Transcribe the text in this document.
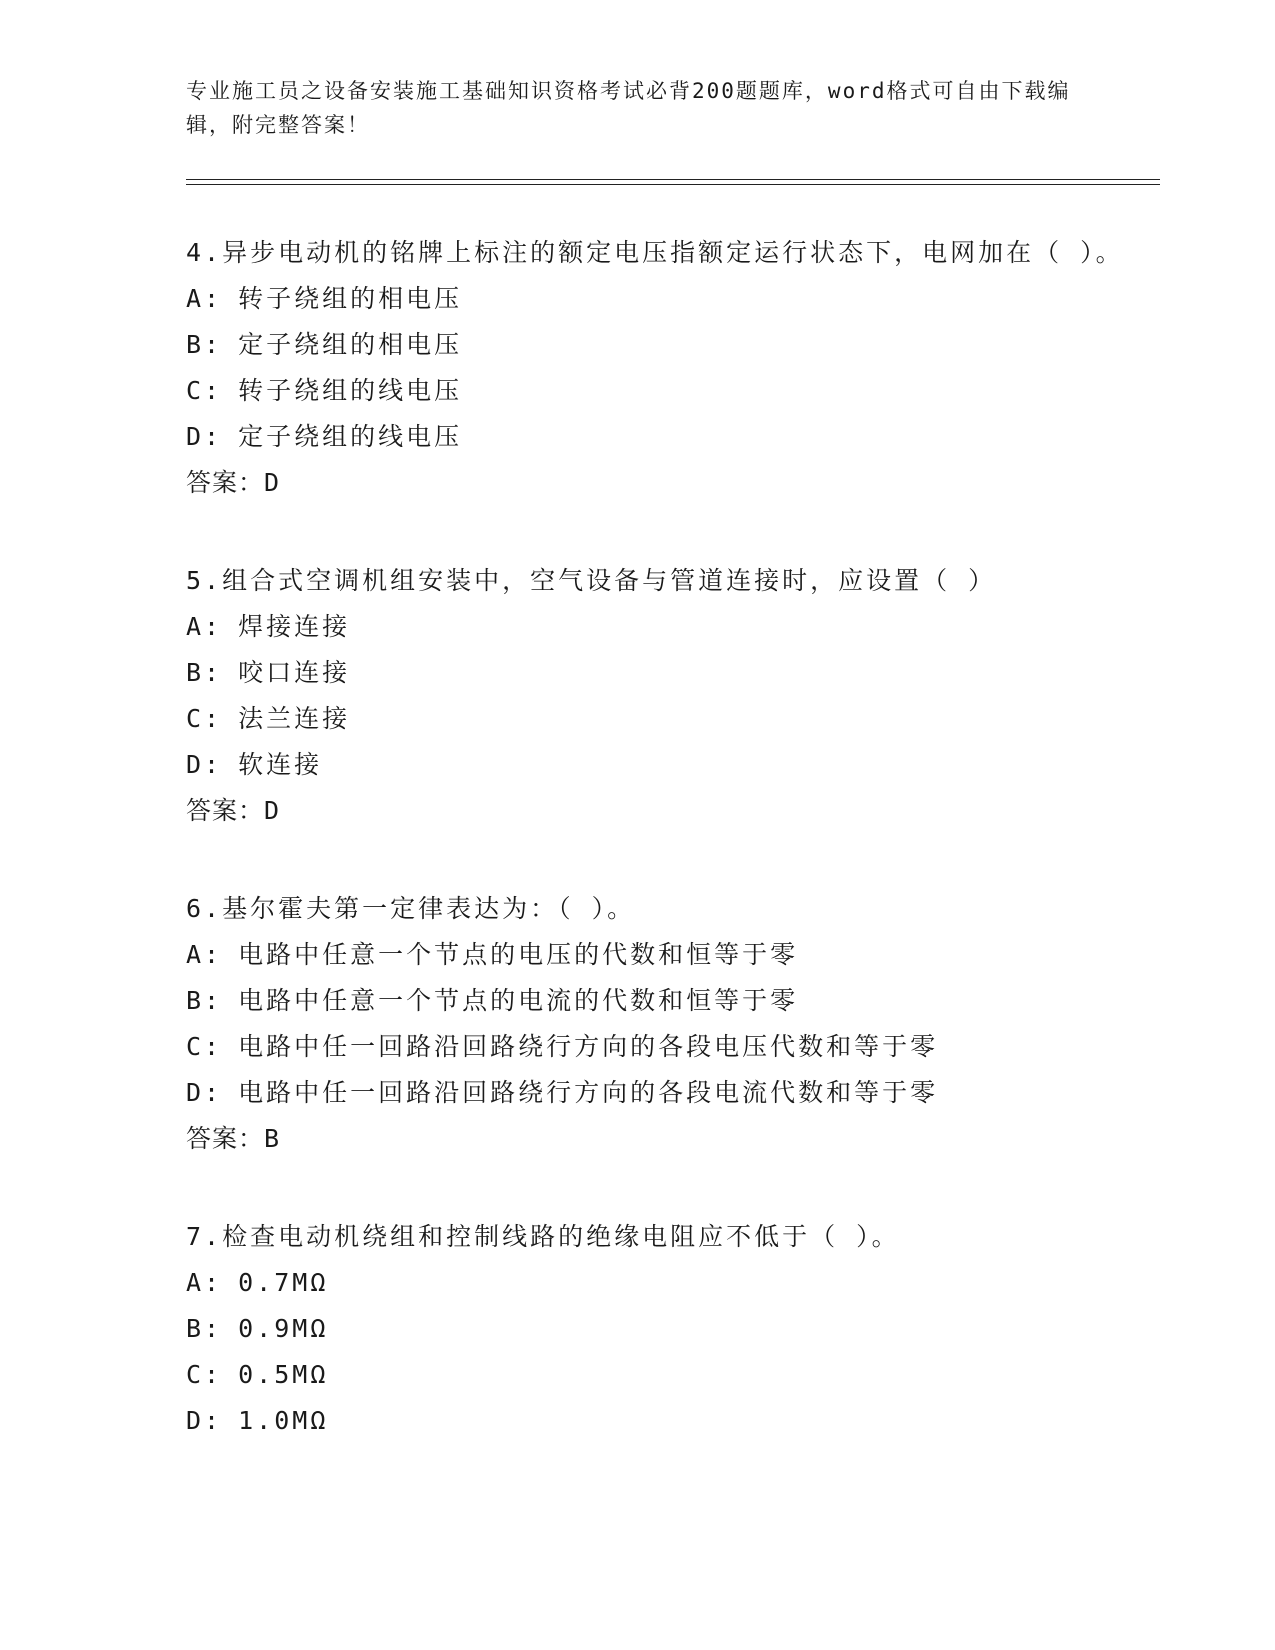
专业施工员之设备安装施工基础知识资格考试必背200题题库，word格式可自由下载编辑，附完整答案！

4.异步电动机的铭牌上标注的额定电压指额定运行状态下，电网加在（ ）。

A: 转子绕组的相电压
B: 定子绕组的相电压
C: 转子绕组的线电压
D: 定子绕组的线电压

答案：D

5.组合式空调机组安装中，空气设备与管道连接时，应设置（ ）

A: 焊接连接
B: 咬口连接
C: 法兰连接
D: 软连接

答案：D

6.基尔霍夫第一定律表达为：（ ）。

A: 电路中任意一个节点的电压的代数和恒等于零
B: 电路中任意一个节点的电流的代数和恒等于零
C: 电路中任一回路沿回路绕行方向的各段电压代数和等于零
D: 电路中任一回路沿回路绕行方向的各段电流代数和等于零

答案：B

7.检查电动机绕组和控制线路的绝缘电阻应不低于（ ）。

A: 0.7MΩ
B: 0.9MΩ
C: 0.5MΩ
D: 1.0MΩ
